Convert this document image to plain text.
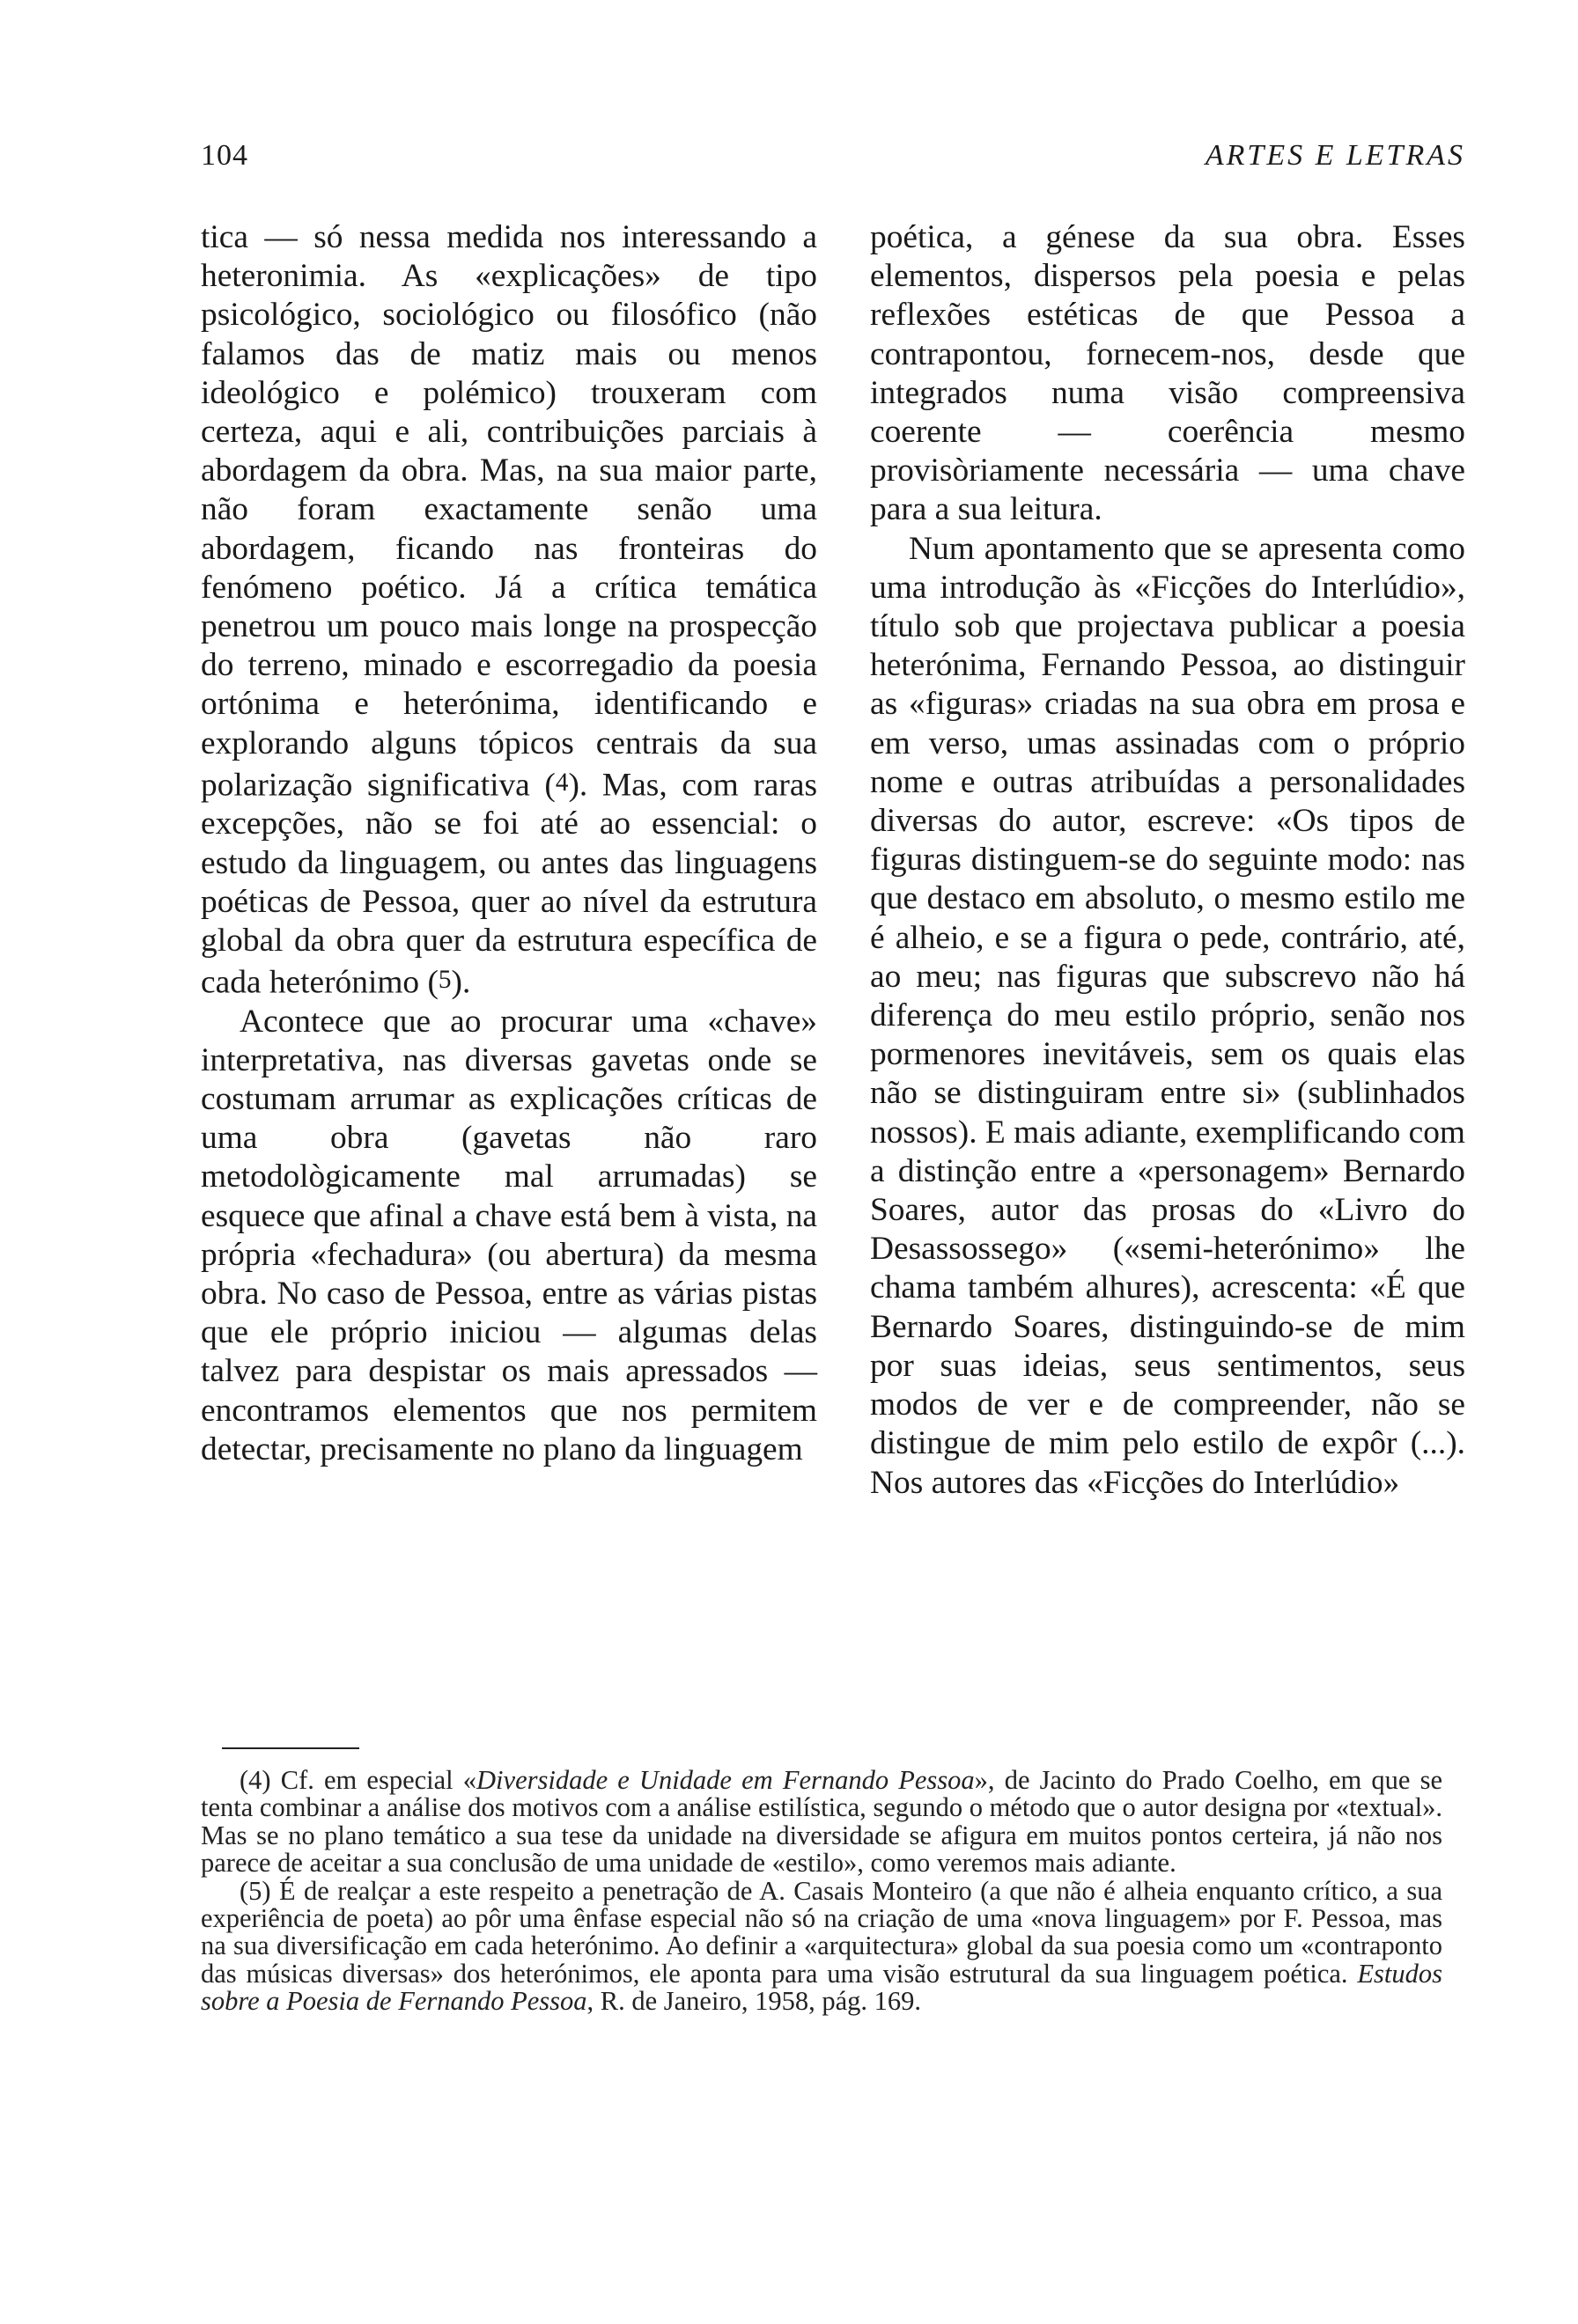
104	ARTES E LETRAS

tica — só nessa medida nos interessando a heteronimia. As «explicações» de tipo psicológico, sociológico ou filosófico (não falamos das de matiz mais ou menos ideológico e polémico) trouxeram com certeza, aqui e ali, contribuições parciais à abordagem da obra. Mas, na sua maior parte, não foram exactamente senão uma abordagem, ficando nas fronteiras do fenómeno poético. Já a crítica temática penetrou um pouco mais longe na prospecção do terreno, minado e escorregadio da poesia ortónima e heterónima, identificando e explorando alguns tópicos centrais da sua polarização significativa (4). Mas, com raras excepções, não se foi até ao essencial: o estudo da linguagem, ou antes das linguagens poéticas de Pessoa, quer ao nível da estrutura global da obra quer da estrutura específica de cada heterónimo (5).

Acontece que ao procurar uma «chave» interpretativa, nas diversas gavetas onde se costumam arrumar as explicações críticas de uma obra (gavetas não raro metodològicamente mal arrumadas) se esquece que afinal a chave está bem à vista, na própria «fechadura» (ou abertura) da mesma obra. No caso de Pessoa, entre as várias pistas que ele próprio iniciou — algumas delas talvez para despistar os mais apressados — encontramos elementos que nos permitem detectar, precisamente no plano da linguagem

poética, a génese da sua obra. Esses elementos, dispersos pela poesia e pelas reflexões estéticas de que Pessoa a contrapontou, fornecem-nos, desde que integrados numa visão compreensiva coerente — coerência mesmo provisòriamente necessária — uma chave para a sua leitura.

Num apontamento que se apresenta como uma introdução às «Ficções do Interlúdio», título sob que projectava publicar a poesia heterónima, Fernando Pessoa, ao distinguir as «figuras» criadas na sua obra em prosa e em verso, umas assinadas com o próprio nome e outras atribuídas a personalidades diversas do autor, escreve: «Os tipos de figuras distinguem-se do seguinte modo: nas que destaco em absoluto, o mesmo estilo me é alheio, e se a figura o pede, contrário, até, ao meu; nas figuras que subscrevo não há diferença do meu estilo próprio, senão nos pormenores inevitáveis, sem os quais elas não se distinguiram entre si» (sublinhados nossos). E mais adiante, exemplificando com a distinção entre a «personagem» Bernardo Soares, autor das prosas do «Livro do Desassossego» («semi-heterónimo» lhe chama também alhures), acrescenta: «É que Bernardo Soares, distinguindo-se de mim por suas ideias, seus sentimentos, seus modos de ver e de compreender, não se distingue de mim pelo estilo de expôr (...). Nos autores das «Ficções do Interlúdio»

(4) Cf. em especial «Diversidade e Unidade em Fernando Pessoa», de Jacinto do Prado Coelho, em que se tenta combinar a análise dos motivos com a análise estilística, segundo o método que o autor designa por «textual». Mas se no plano temático a sua tese da unidade na diversidade se afigura em muitos pontos certeira, já não nos parece de aceitar a sua conclusão de uma unidade de «estilo», como veremos mais adiante.

(5) É de realçar a este respeito a penetração de A. Casais Monteiro (a que não é alheia enquanto crítico, a sua experiência de poeta) ao pôr uma ênfase especial não só na criação de uma «nova linguagem» por F. Pessoa, mas na sua diversificação em cada heterónimo. Ao definir a «arquitectura» global da sua poesia como um «contraponto das músicas diversas» dos heterónimos, ele aponta para uma visão estrutural da sua linguagem poética. Estudos sobre a Poesia de Fernando Pessoa, R. de Janeiro, 1958, pág. 169.
